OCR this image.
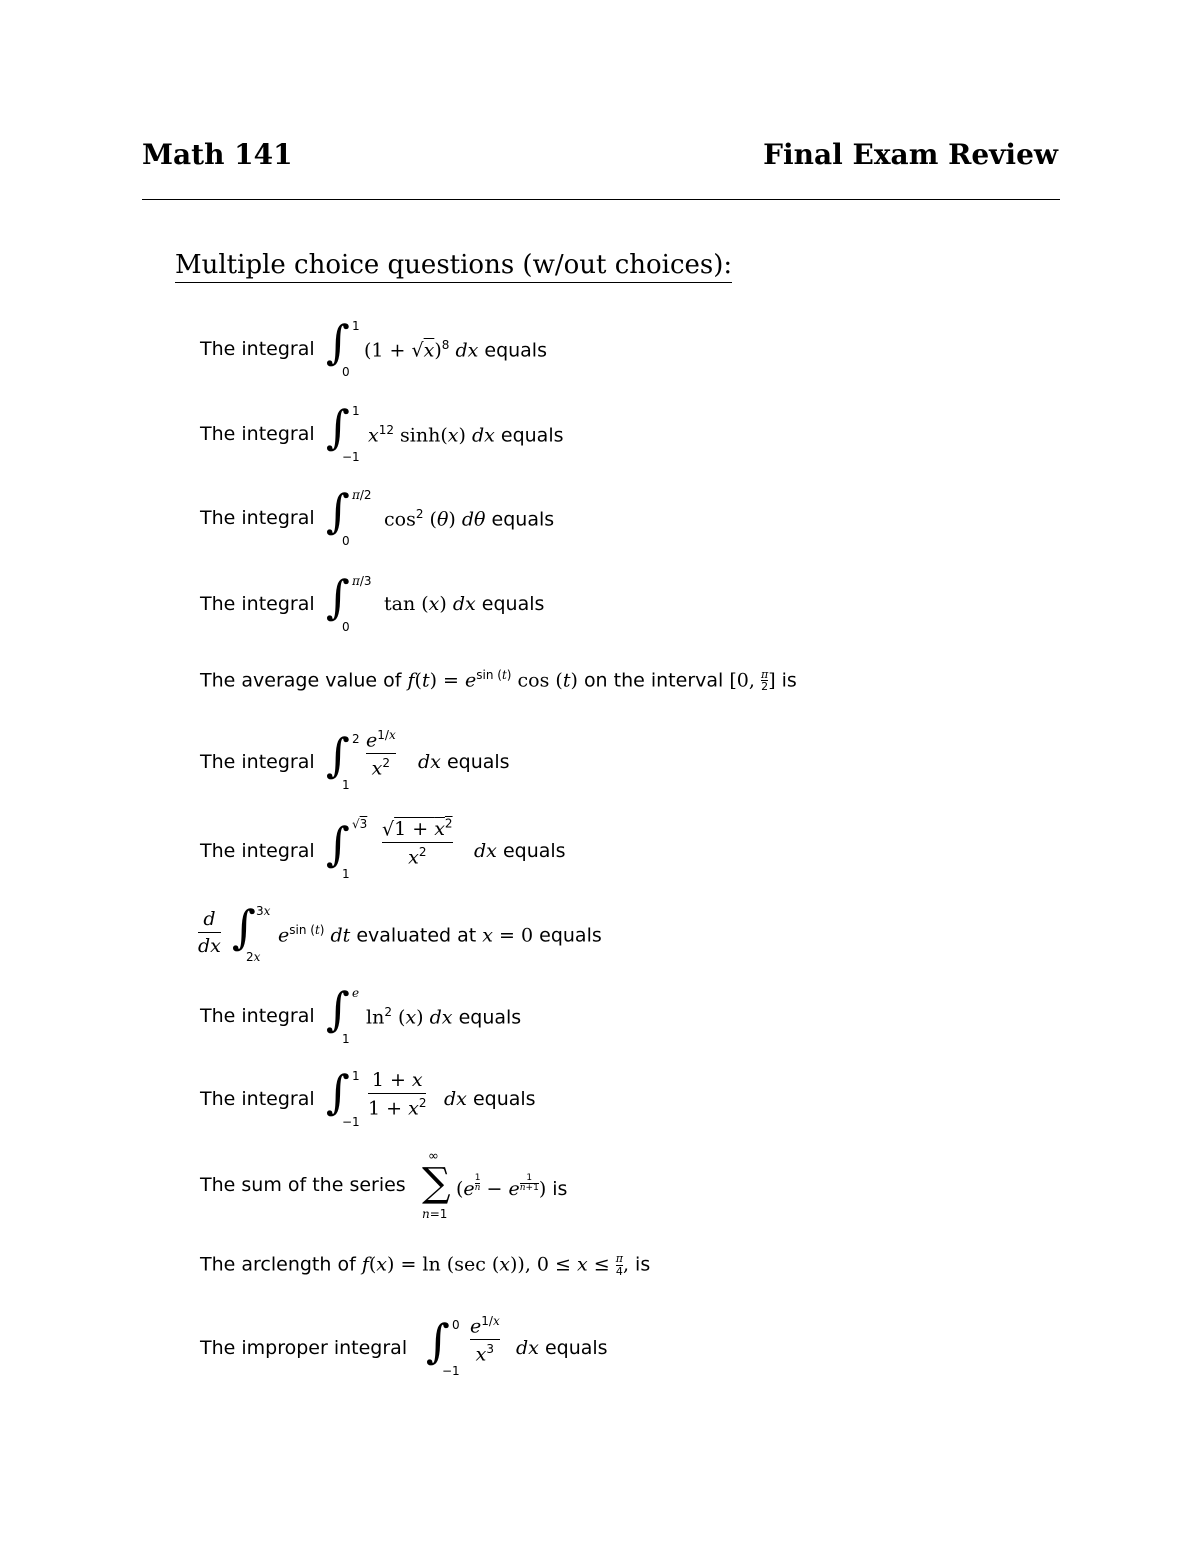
Math 141	Final Exam Review
Multiple choice questions (w/out choices):
The integral ∫ 1
0
$(1 + √x)^8$ dx equals
The integral ∫ 1
−1
$x^{12}$ sinh(x) dx equals
The integral ∫ π/2
0
$\cos^2 (\theta)$ dθ equals
The integral ∫ π/3
0
tan (x) dx equals
The average value of $f(t) = e^{sin (t)}$ cos (t) on the interval [0, π
2] is
The integral ∫ 2
1
$e^{1/x}$
$x^2$ dx equals
The integral ∫ √3
1
$√1 + x^2$
$x^2$	dx equals
d
dx ∫ 3x
2x
$e^{sin (t)}$ dt evaluated at x = 0 equals
The integral ∫ e
1
$\ln^2 (x)$ dx equals
The integral ∫ 1
−1
1 + x
$1 + x^2$ dx equals
The sum of the series
∞
∑
n=1
($e^{1 n} - e$ $^{1 n+1}$) is
The arclength of f(x) = ln (sec (x)), 0 ≤ x ≤ π
4, is
The improper integral ∫ 0
−1
$e^{1/x}$
$x^3$ dx equals
